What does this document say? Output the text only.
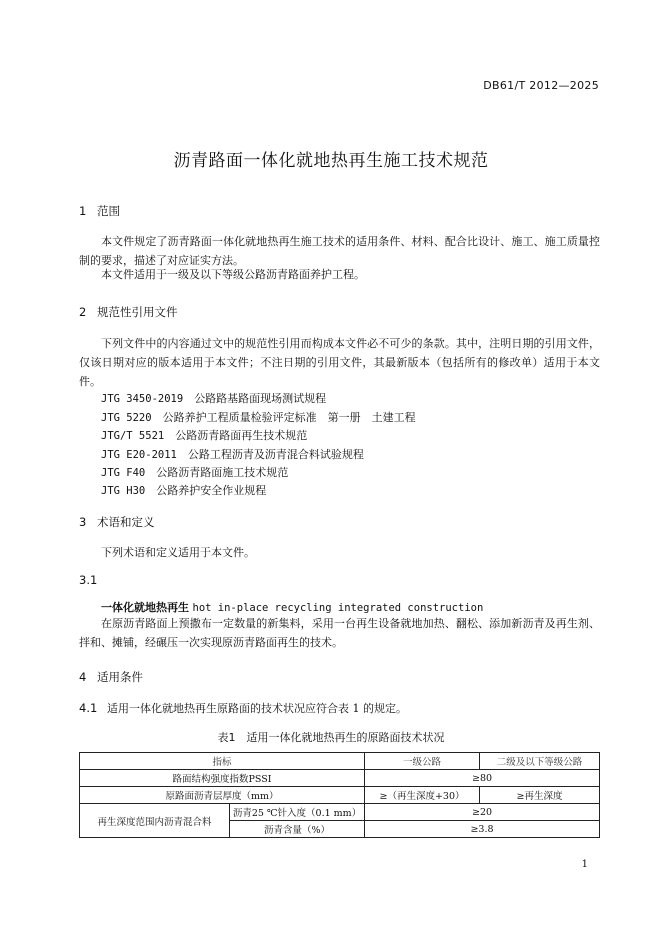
DB61/T 2012—2025
沥青路面一体化就地热再生施工技术规范
1 范围
本文件规定了沥青路面一体化就地热再生施工技术的适用条件、材料、配合比设计、施工、施工质量控制的要求，描述了对应证实方法。
本文件适用于一级及以下等级公路沥青路面养护工程。
2 规范性引用文件
下列文件中的内容通过文中的规范性引用而构成本文件必不可少的条款。其中，注明日期的引用文件，仅该日期对应的版本适用于本文件；不注日期的引用文件，其最新版本（包括所有的修改单）适用于本文件。
JTG 3450-2019　 公路路基路面现场测试规程
JTG 5220　 公路养护工程质量检验评定标准　第一册　土建工程
JTG/T 5521　 公路沥青路面再生技术规范
JTG E20-2011　 公路工程沥青及沥青混合料试验规程
JTG F40　 公路沥青路面施工技术规范
JTG H30　 公路养护安全作业规程
3 术语和定义
下列术语和定义适用于本文件。
3.1
一体化就地热再生 hot in-place recycling integrated construction
在原沥青路面上预撒布一定数量的新集料，采用一台再生设备就地加热、翻松、添加新沥青及再生剂、拌和、摊铺，经碾压一次实现原沥青路面再生的技术。
4 适用条件
4.1 适用一体化就地热再生原路面的技术状况应符合表 1 的规定。
表1　适用一体化就地热再生的原路面技术状况
指标		一级公路	二级及以下等级公路
路面结构强度指数PSSI		≥80	
原路面沥青层厚度（mm）		≥（再生深度+30）	≥再生深度
再生深度范围内沥青混合料	沥青25 ℃针入度（0.1 mm）	≥20	
	沥青含量（%）	≥3.8	
1
